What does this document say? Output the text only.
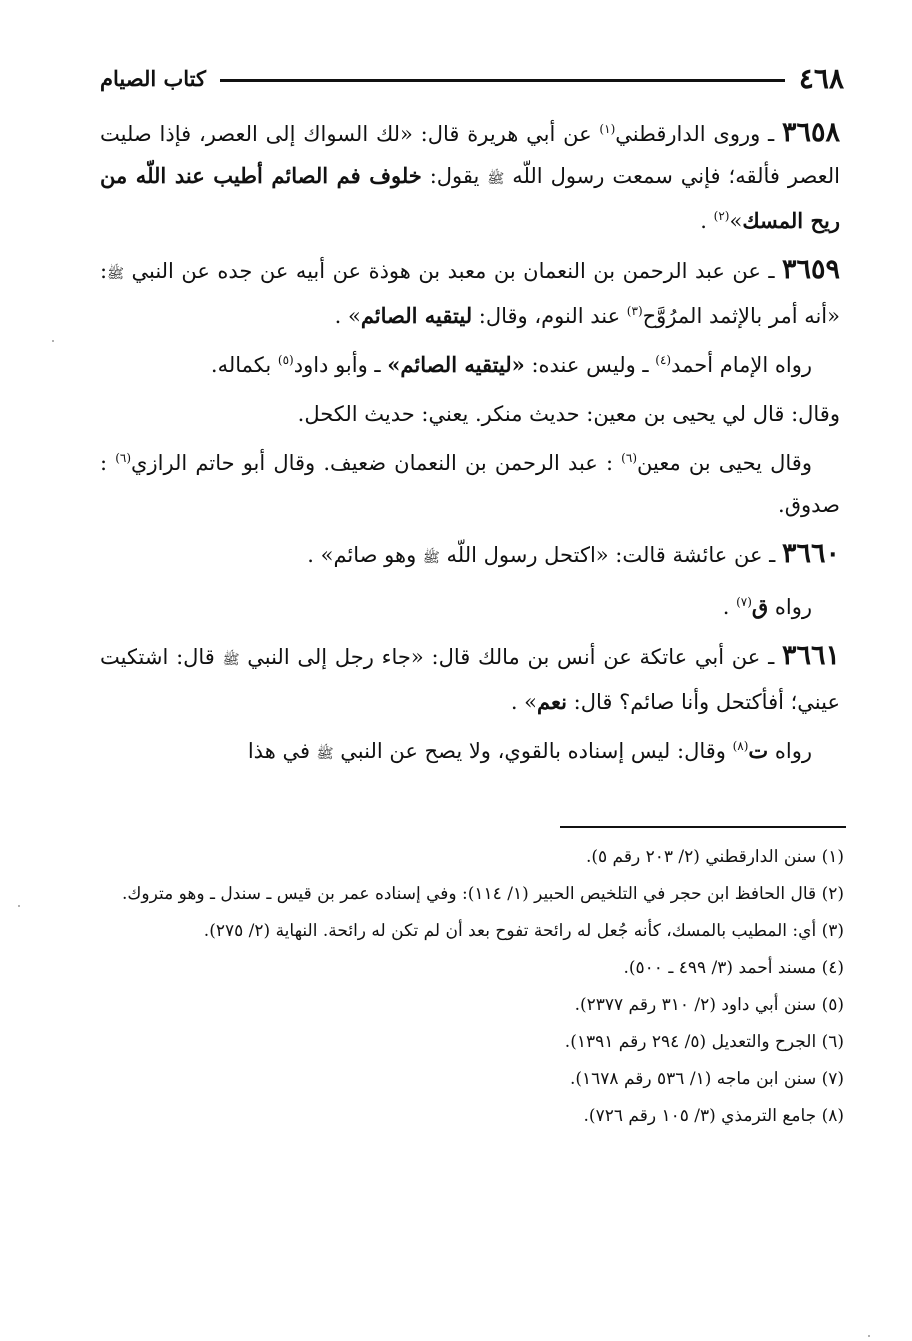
٤٦٨
كتاب الصيام

٣٦٥٨ ـ وروى الدارقطني$^{(١)}$ عن أبي هريرة قال: «لك السواك إلى العصر، فإذا صليت العصر فألقه؛ فإني سمعت رسول اللّه ﷺ يقول: خلوف فم الصائم أطيب عند اللّه من ريح المسك»$^{(٢)}$ .

٣٦٥٩ ـ عن عبد الرحمن بن النعمان بن معبد بن هوذة عن أبيه عن جده عن النبي ﷺ: «أنه أمر بالإثمد المرُوَّح$^{(٣)}$ عند النوم، وقال: ليتقيه الصائم» .

رواه الإمام أحمد$^{(٤)}$ ـ وليس عنده: «ليتقيه الصائم» ـ وأبو داود$^{(٥)}$ بكماله.

وقال: قال لي يحيى بن معين: حديث منكر. يعني: حديث الكحل.

وقال يحيى بن معين$^{(٦)}$ : عبد الرحمن بن النعمان ضعيف. وقال أبو حاتم الرازي$^{(٦)}$ : صدوق.

٣٦٦٠ ـ عن عائشة قالت: «اكتحل رسول اللّه ﷺ وهو صائم» .

رواه ق$^{(٧)}$ .

٣٦٦١ ـ عن أبي عاتكة عن أنس بن مالك قال: «جاء رجل إلى النبي ﷺ قال: اشتكيت عيني؛ أفأكتحل وأنا صائم؟ قال: نعم» .

رواه ت$^{(٨)}$ وقال: ليس إسناده بالقوي، ولا يصح عن النبي ﷺ في هذا

(١) سنن الدارقطني (٢/ ٢٠٣ رقم ٥).

(٢) قال الحافظ ابن حجر في التلخيص الحبير (١/ ١١٤): وفي إسناده عمر بن قيس ـ سندل ـ وهو متروك.

(٣) أي: المطيب بالمسك، كأنه جُعل له رائحة تفوح بعد أن لم تكن له رائحة. النهاية (٢/ ٢٧٥).

(٤) مسند أحمد (٣/ ٤٩٩ ـ ٥٠٠).

(٥) سنن أبي داود (٢/ ٣١٠ رقم ٢٣٧٧).

(٦) الجرح والتعديل (٥/ ٢٩٤ رقم ١٣٩١).

(٧) سنن ابن ماجه (١/ ٥٣٦ رقم ١٦٧٨).

(٨) جامع الترمذي (٣/ ١٠٥ رقم ٧٢٦).
